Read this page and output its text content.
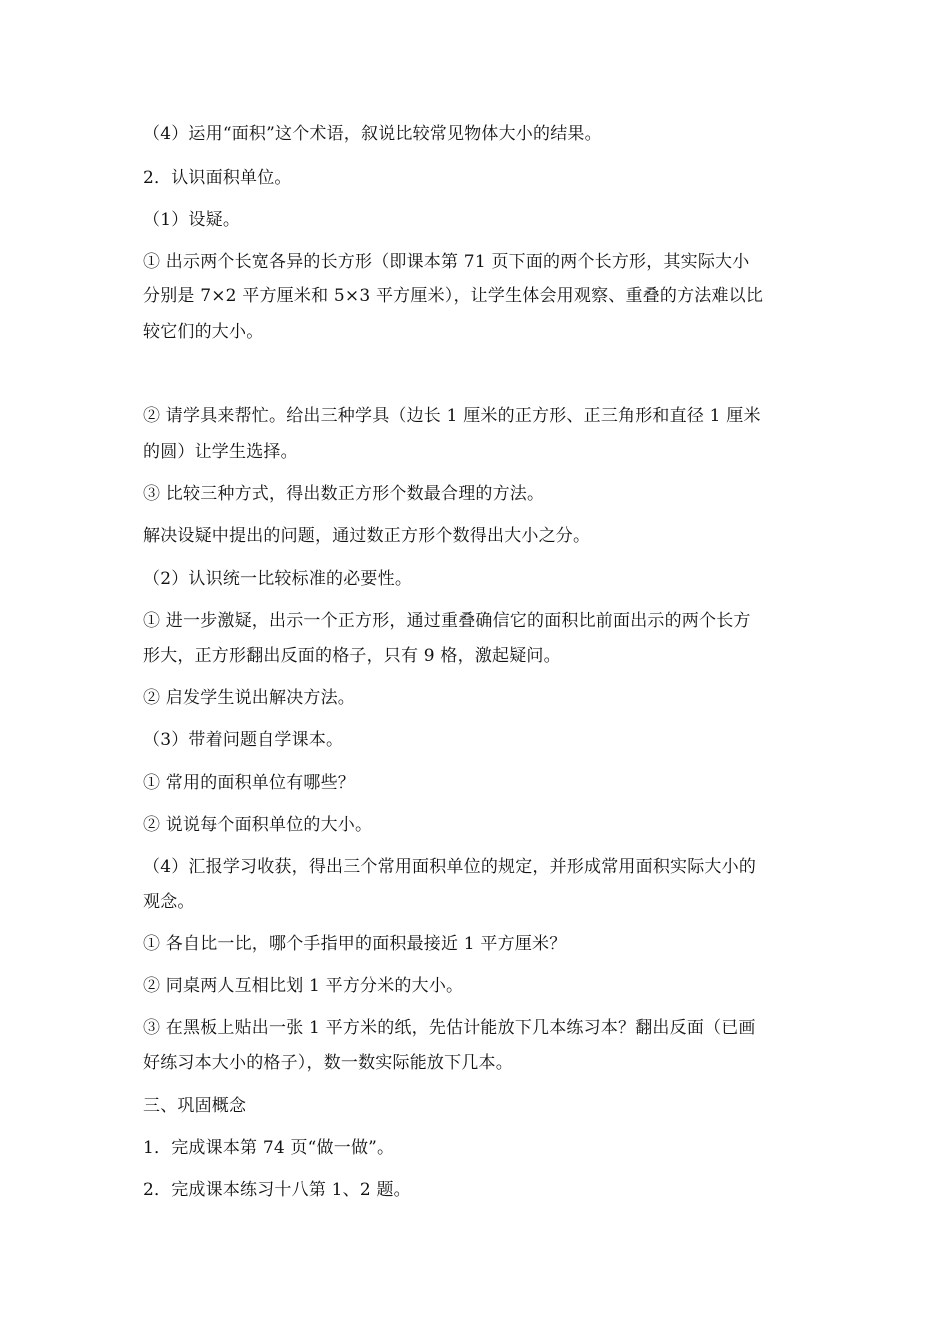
（4）运用“面积”这个术语，叙说比较常见物体大小的结果。
2．认识面积单位。
（1）设疑。
① 出示两个长宽各异的长方形（即课本第 71 页下面的两个长方形，其实际大小
分别是 7×2 平方厘米和 5×3 平方厘米），让学生体会用观察、重叠的方法难以比
较它们的大小。
② 请学具来帮忙。给出三种学具（边长 1 厘米的正方形、正三角形和直径 1 厘米
的圆）让学生选择。
③ 比较三种方式，得出数正方形个数最合理的方法。
解决设疑中提出的问题，通过数正方形个数得出大小之分。
（2）认识统一比较标准的必要性。
① 进一步激疑，出示一个正方形，通过重叠确信它的面积比前面出示的两个长方
形大，正方形翻出反面的格子，只有 9 格，激起疑问。
② 启发学生说出解决方法。
（3）带着问题自学课本。
① 常用的面积单位有哪些？
② 说说每个面积单位的大小。
（4）汇报学习收获，得出三个常用面积单位的规定，并形成常用面积实际大小的
观念。
① 各自比一比，哪个手指甲的面积最接近 1 平方厘米？
② 同桌两人互相比划 1 平方分米的大小。
③ 在黑板上贴出一张 1 平方米的纸，先估计能放下几本练习本？翻出反面（已画
好练习本大小的格子），数一数实际能放下几本。
三、巩固概念
1．完成课本第 74 页“做一做”。
2．完成课本练习十八第 1、2 题。
